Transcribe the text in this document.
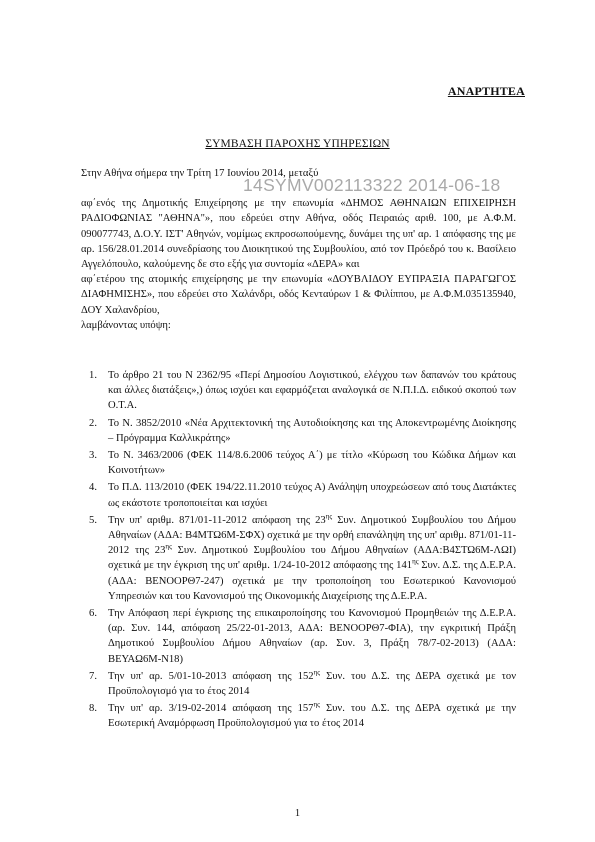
ΑΝΑΡΤΗΤΕΑ
ΣΥΜΒΑΣΗ ΠΑΡΟΧΗΣ ΥΠΗΡΕΣΙΩΝ
14SYMV002113322 2014-06-18

Στην Αθήνα σήμερα την Τρίτη 17 Ιουνίου 2014, μεταξύ

αφ΄ενός της Δημοτικής Επιχείρησης με την επωνυμία «ΔΗΜΟΣ ΑΘΗΝΑΙΩΝ ΕΠΙΧΕΙΡΗΣΗ ΡΑΔΙΟΦΩΝΙΑΣ "ΑΘΗΝΑ"», που εδρεύει στην Αθήνα, οδός Πειραιώς αριθ. 100, με Α.Φ.Μ. 090077743, Δ.Ο.Υ. ΙΣΤ' Αθηνών, νομίμως εκπροσωπούμενης, δυνάμει της υπ' αρ. 1 απόφασης της με αρ. 156/28.01.2014 συνεδρίασης του Διοικητικού της Συμβουλίου, από τον Πρόεδρό του κ. Βασίλειο Αγγελόπουλο, καλούμενης δε στο εξής για συντομία «ΔΕΡΑ» και

αφ΄ετέρου της ατομικής επιχείρησης με την επωνυμία «ΔΟΥΒΛΙΔΟΥ ΕΥΠΡΑΞΙΑ ΠΑΡΑΓΩΓΟΣ ΔΙΑΦΗΜΙΣΗΣ», που εδρεύει στο Χαλάνδρι, οδός Κενταύρων 1 & Φιλίππου, με Α.Φ.Μ.035135940, ΔΟΥ Χαλανδρίου,

λαμβάνοντας υπόψη:

1.	Το άρθρο 21 του Ν 2362/95 «Περί Δημοσίου Λογιστικού, ελέγχου των δαπανών του κράτους και άλλες διατάξεις»,) όπως ισχύει και εφαρμόζεται αναλογικά σε Ν.Π.Ι.Δ. ειδικού σκοπού των Ο.Τ.Α.
2.	Το Ν. 3852/2010 «Νέα Αρχιτεκτονική της Αυτοδιοίκησης και της Αποκεντρωμένης Διοίκησης – Πρόγραμμα Καλλικράτης»
3.	Το Ν. 3463/2006 (ΦΕΚ 114/8.6.2006 τεύχος Α΄) με τίτλο «Κύρωση του Κώδικα Δήμων και Κοινοτήτων»
4.	Το Π.Δ. 113/2010 (ΦΕΚ 194/22.11.2010 τεύχος Α) Ανάληψη υποχρεώσεων από τους Διατάκτες ως εκάστοτε τροποποιείται και ισχύει
5.	Την υπ' αριθμ. 871/01-11-2012 απόφαση της $23^{\eta\varsigma}$ Συν. Δημοτικού Συμβουλίου του Δήμου Αθηναίων (ΑΔΑ: Β4ΜΤΩ6Μ-ΣΦΧ) σχετικά με την ορθή επανάληψη της υπ' αριθμ. 871/01-11-2012 της $23^{\eta\varsigma}$ Συν. Δημοτικού Συμβουλίου του Δήμου Αθηναίων (ΑΔΑ:Β4ΣΤΩ6Μ-ΛΩΙ) σχετικά με την έγκριση της υπ' αριθμ. 1/24-10-2012 απόφασης της $141^{\eta\varsigma}$ Συν. Δ.Σ. της Δ.Ε.Ρ.Α. (ΑΔΑ: ΒΕΝΟΟΡΘ7-247) σχετικά με την τροποποίηση του Εσωτερικού Κανονισμού Υπηρεσιών και του Κανονισμού της Οικονομικής Διαχείρισης της Δ.Ε.Ρ.Α.
6.	Την Απόφαση περί έγκρισης της επικαιροποίησης του Κανονισμού Προμηθειών της Δ.Ε.Ρ.Α. (αρ. Συν. 144, απόφαση 25/22-01-2013, ΑΔΑ: ΒΕΝΟΟΡΘ7-ΦΙΑ), την εγκριτική Πράξη Δημοτικού Συμβουλίου Δήμου Αθηναίων (αρ. Συν. 3, Πράξη 78/7-02-2013) (ΑΔΑ: ΒΕΥΑΩ6Μ-Ν18)
7.	Την υπ' αρ. 5/01-10-2013 απόφαση της $152^{\eta\varsigma}$ Συν. του Δ.Σ. της ΔΕΡΑ σχετικά με τον Προϋπολογισμό για το έτος 2014
8.	Την υπ' αρ. 3/19-02-2014 απόφαση της $157^{\eta\varsigma}$ Συν. του Δ.Σ. της ΔΕΡΑ σχετικά με την Εσωτερική Αναμόρφωση Προϋπολογισμού για το έτος 2014
1
